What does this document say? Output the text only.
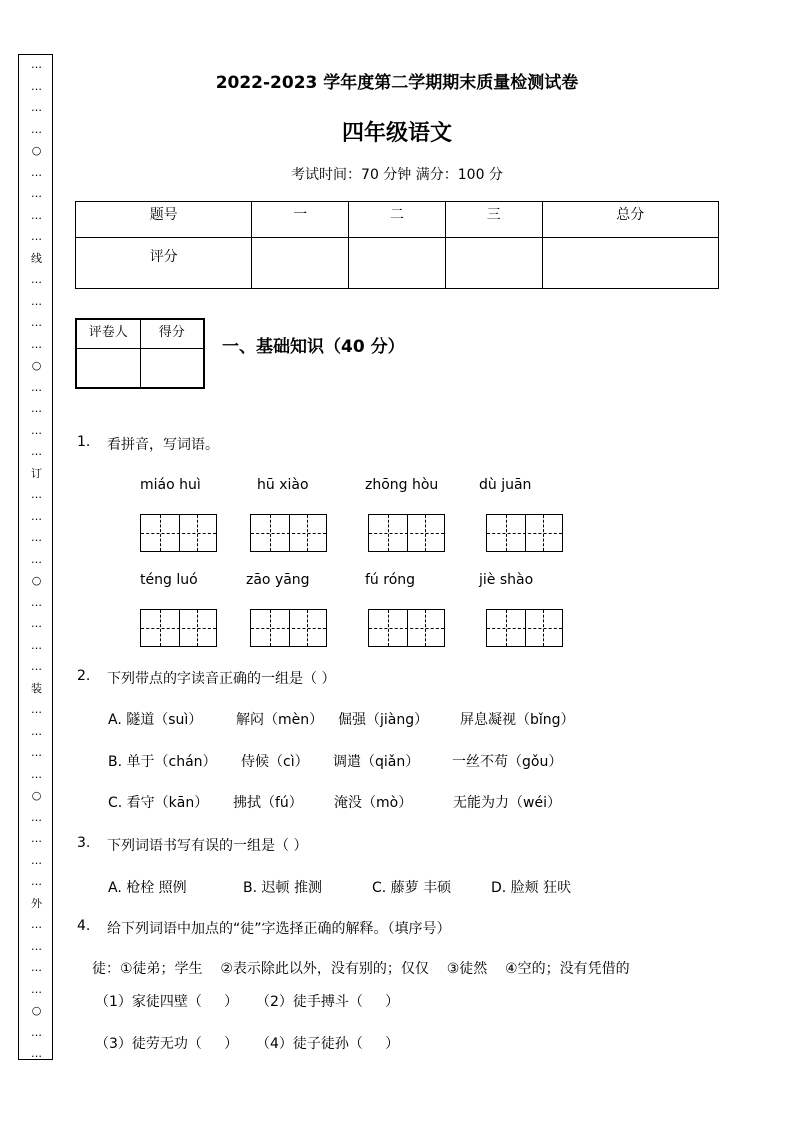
…
…
…
…
○
…
…
…
…
线
…
…
…
…
○
…
…
…
…
订
…
…
…
…
○
…
…
…
…
装
…
…
…
…
○
…
…
…
…
外
…
…
…
…
○
…
…
2022-2023 学年度第二学期期末质量检测试卷
四年级语文
考试时间：70 分钟 满分：100 分
题号	一	二	三	总分
评分				
评卷人	得分

一、基础知识（40 分）
1. 看拼音，写词语。
miáo huì	hū xiào	zhōng hòu	dù juān
téng luó	zāo yāng	fú róng	jiè shào
2. 下列带点的字读音正确的一组是（ ）
A. 隧道（suì） 解闷（mèn） 倔强（jiàng） 屏息凝视（bǐng）
B. 单于（chán） 侍候（cì） 调遣（qiǎn） 一丝不苟（gǒu）
C. 看守（kān） 拂拭（fú） 淹没（mò）	无能为力（wéi）
3. 下列词语书写有误的一组是（ ）
A. 枪栓 照例	B. 迟顿 推测	C. 藤萝 丰硕	D. 脸颊 狂吠
4. 给下列词语中加点的“徒”字选择正确的解释。（填序号）
徒：①徒弟；学生    ②表示除此以外，没有别的；仅仅    ③徒然    ④空的；没有凭借的
（1）家徒四壁（     ） （2）徒手搏斗（     ）
（3）徒劳无功（     ） （4）徒子徒孙（     ）
